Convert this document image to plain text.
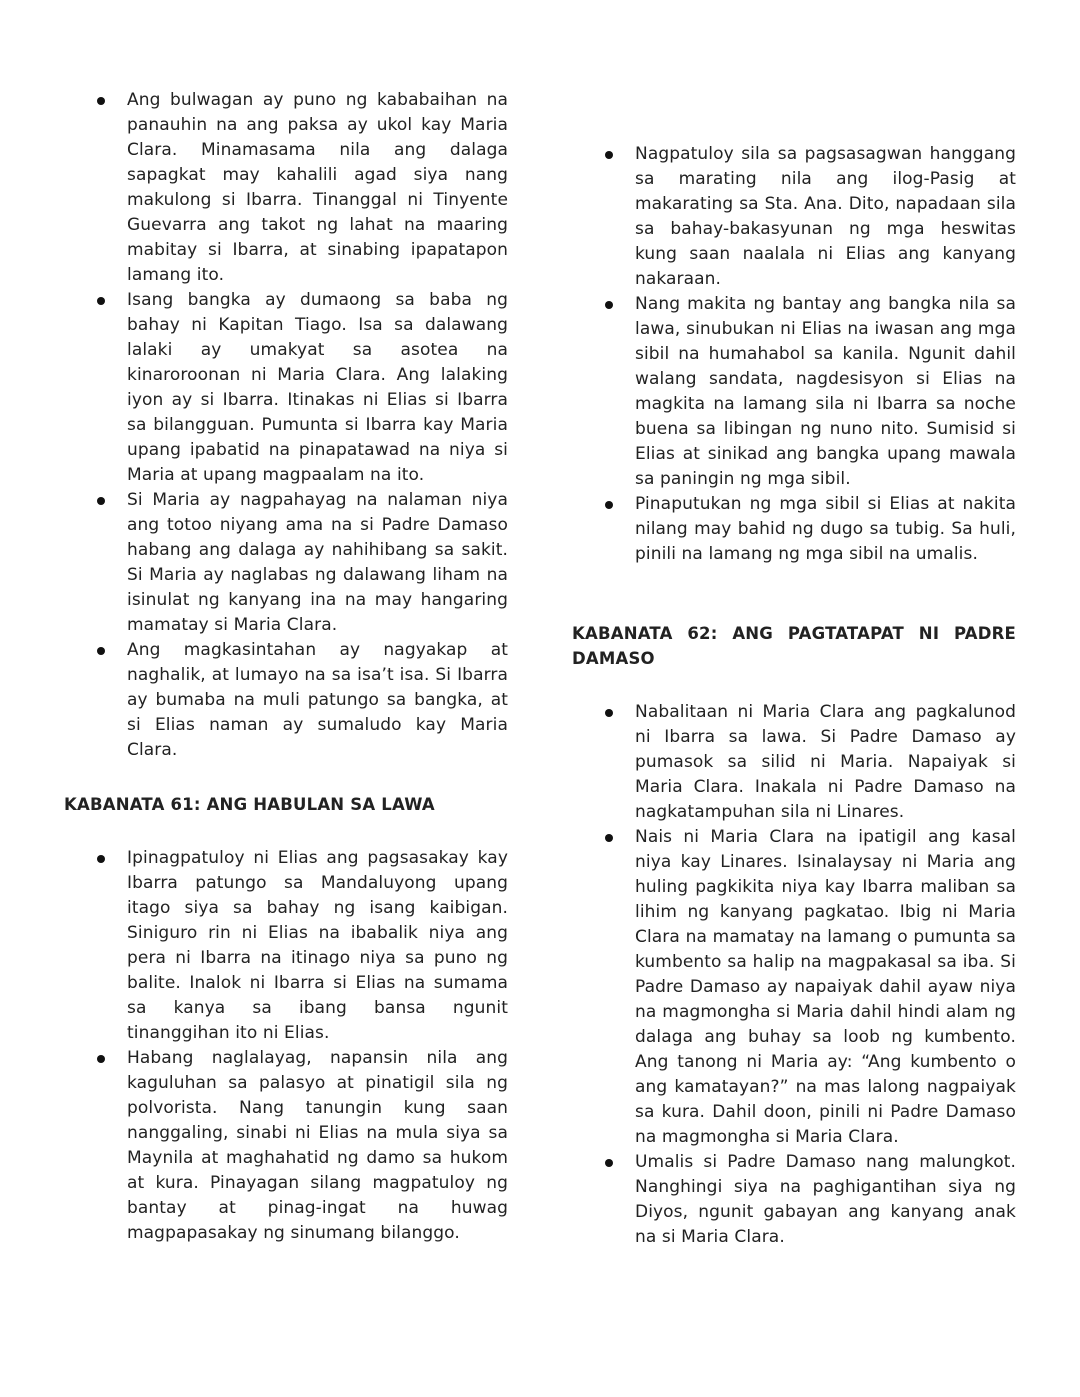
Ang bulwagan ay puno ng kababaihan na panauhin na ang paksa ay ukol kay Maria Clara. Minamasama nila ang dalaga sapagkat may kahalili agad siya nang makulong si Ibarra. Tinanggal ni Tinyente Guevarra ang takot ng lahat na maaring mabitay si Ibarra, at sinabing ipapatapon lamang ito.
Isang bangka ay dumaong sa baba ng bahay ni Kapitan Tiago. Isa sa dalawang lalaki ay umakyat sa asotea na kinaroroonan ni Maria Clara. Ang lalaking iyon ay si Ibarra. Itinakas ni Elias si Ibarra sa bilangguan. Pumunta si Ibarra kay Maria upang ipabatid na pinapatawad na niya si Maria at upang magpaalam na ito.
Si Maria ay nagpahayag na nalaman niya ang totoo niyang ama na si Padre Damaso habang ang dalaga ay nahihibang sa sakit. Si Maria ay naglabas ng dalawang liham na isinulat ng kanyang ina na may hangaring mamatay si Maria Clara.
Ang magkasintahan ay nagyakap at naghalik, at lumayo na sa isa’t isa. Si Ibarra ay bumaba na muli patungo sa bangka, at si Elias naman ay sumaludo kay Maria Clara.
KABANATA 61: ANG HABULAN SA LAWA
Ipinagpatuloy ni Elias ang pagsasakay kay Ibarra patungo sa Mandaluyong upang itago siya sa bahay ng isang kaibigan. Siniguro rin ni Elias na ibabalik niya ang pera ni Ibarra na itinago niya sa puno ng balite. Inalok ni Ibarra si Elias na sumama sa kanya sa ibang bansa ngunit tinanggihan ito ni Elias.
Habang naglalayag, napansin nila ang kaguluhan sa palasyo at pinatigil sila ng polvorista. Nang tanungin kung saan nanggaling, sinabi ni Elias na mula siya sa Maynila at maghahatid ng damo sa hukom at kura. Pinayagan silang magpatuloy ng bantay at pinag-ingat na huwag magpapasakay ng sinumang bilanggo.
Nagpatuloy sila sa pagsasagwan hanggang sa marating nila ang ilog-Pasig at makarating sa Sta. Ana. Dito, napadaan sila sa bahay-bakasyunan ng mga heswitas kung saan naalala ni Elias ang kanyang nakaraan.
Nang makita ng bantay ang bangka nila sa lawa, sinubukan ni Elias na iwasan ang mga sibil na humahabol sa kanila. Ngunit dahil walang sandata, nagdesisyon si Elias na magkita na lamang sila ni Ibarra sa noche buena sa libingan ng nuno nito. Sumisid si Elias at sinikad ang bangka upang mawala sa paningin ng mga sibil.
Pinaputukan ng mga sibil si Elias at nakita nilang may bahid ng dugo sa tubig. Sa huli, pinili na lamang ng mga sibil na umalis.
KABANATA 62: ANG PAGTATAPAT NI PADRE DAMASO
Nabalitaan ni Maria Clara ang pagkalunod ni Ibarra sa lawa. Si Padre Damaso ay pumasok sa silid ni Maria. Napaiyak si Maria Clara. Inakala ni Padre Damaso na nagkatampuhan sila ni Linares.
Nais ni Maria Clara na ipatigil ang kasal niya kay Linares. Isinalaysay ni Maria ang huling pagkikita niya kay Ibarra maliban sa lihim ng kanyang pagkatao. Ibig ni Maria Clara na mamatay na lamang o pumunta sa kumbento sa halip na magpakasal sa iba. Si Padre Damaso ay napaiyak dahil ayaw niya na magmongha si Maria dahil hindi alam ng dalaga ang buhay sa loob ng kumbento. Ang tanong ni Maria ay: “Ang kumbento o ang kamatayan?” na mas lalong nagpaiyak sa kura. Dahil doon, pinili ni Padre Damaso na magmongha si Maria Clara.
Umalis si Padre Damaso nang malungkot. Nanghingi siya na paghigantihan siya ng Diyos, ngunit gabayan ang kanyang anak na si Maria Clara.
